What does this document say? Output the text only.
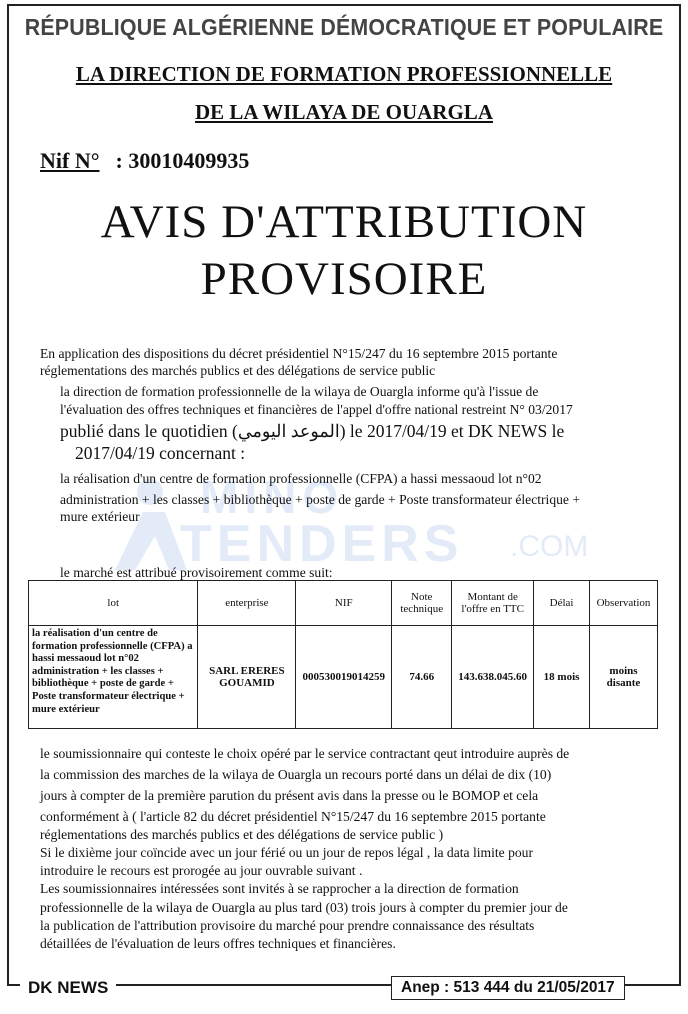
RÉPUBLIQUE ALGÉRIENNE DÉMOCRATIQUE ET POPULAIRE
LA DIRECTION DE FORMATION PROFESSIONNELLE
DE LA WILAYA DE OUARGLA
Nif N° : 30010409935
AVIS D'ATTRIBUTION
PROVISOIRE
MINO
TENDERS .COM
En application des dispositions du décret présidentiel N°15/247 du 16 septembre 2015 portante
réglementations des marchés publics et des délégations de service public
la direction de formation professionnelle de la wilaya de Ouargla informe qu'à l'issue de
l'évaluation des offres techniques et financières de l'appel d'offre national restreint N° 03/2017
publié dans le quotidien (الموعد اليومي) le 2017/04/19 et DK NEWS le
2017/04/19 concernant :
la réalisation d'un centre de formation professionnelle (CFPA) a hassi messaoud lot n°02
administration + les classes + bibliothèque + poste de garde + Poste transformateur électrique +
mure extérieur
le marché est attribué provisoirement comme suit:
lot	enterprise	NIF	Note technique	Montant de l'offre en TTC	Délai	Observation
la réalisation d'un centre de formation professionnelle (CFPA) a hassi messaoud lot n°02 administration + les classes + bibliothèque + poste de garde + Poste transformateur électrique + mure extérieur	SARL ERERES GOUAMID	000530019014259	74.66	143.638.045.60	18 mois	moins disante
le soumissionnaire qui conteste le choix opéré par le service contractant qeut introduire auprès de
la commission des marches de la wilaya de Ouargla un recours porté dans un délai de dix (10)
jours à compter de la première parution du présent avis dans la presse ou le BOMOP et cela
conformément à ( l'article 82 du décret présidentiel N°15/247 du 16 septembre 2015 portante
réglementations des marchés publics et des délégations de service public )
Si le dixième jour coïncide avec un jour férié ou un jour de repos légal , la data limite pour
introduire le recours est prorogée au jour ouvrable suivant .
Les soumissionnaires intéressées sont invités à se rapprocher a la direction de formation
professionnelle de la wilaya de Ouargla au plus tard (03) trois jours à compter du premier jour de
la publication de l'attribution provisoire du marché pour prendre connaissance des résultats
détaillées de l'évaluation de leurs offres techniques et financières.
DK NEWS	Anep : 513 444 du 21/05/2017
